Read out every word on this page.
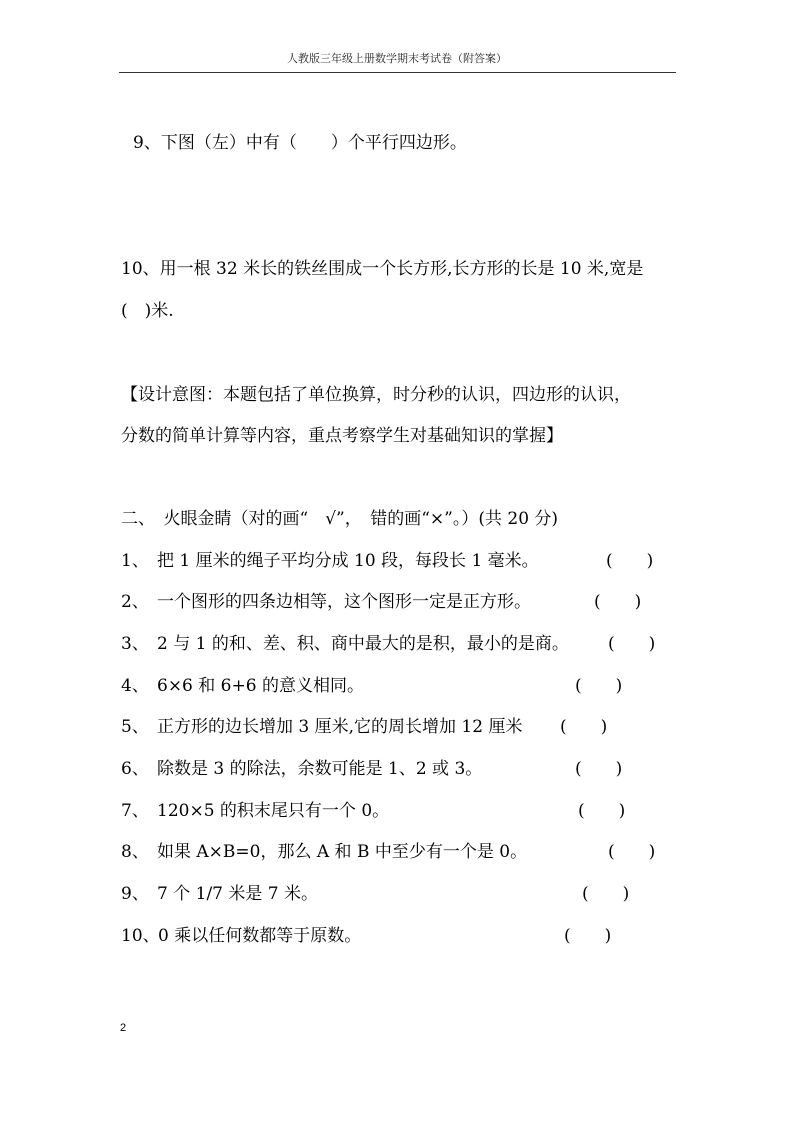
人教版三年级上册数学期末考试卷（附答案）
9、下图（左）中有（　　）个平行四边形。
10、用一根 32 米长的铁丝围成一个长方形,长方形的长是 10 米,宽是
(　)米.
【设计意图：本题包括了单位换算，时分秒的认识，四边形的认识，
分数的简单计算等内容，重点考察学生对基础知识的掌握】
二、　火眼金睛（对的画“　√”，　错的画“×”。）(共 20 分)
1、 把 1 厘米的绳子平均分成 10 段，每段长 1 毫米。	(　　)
2、 一个图形的四条边相等，这个图形一定是正方形。	(　　)
3、 2 与 1 的和、差、积、商中最大的是积，最小的是商。 (　　)
4、 6×6 和 6+6 的意义相同。	(　　)
5、 正方形的边长增加 3 厘米,它的周长增加 12 厘米 (　　)
6、 除数是 3 的除法，余数可能是 1、2 或 3。	(　　)
7、 120×5 的积末尾只有一个 0。	(　　)
8、 如果 A×B=0，那么 A 和 B 中至少有一个是 0。	(　　)
9、 7 个 1/7 米是 7 米。	(　　)
10、0 乘以任何数都等于原数。	(　　)
2
